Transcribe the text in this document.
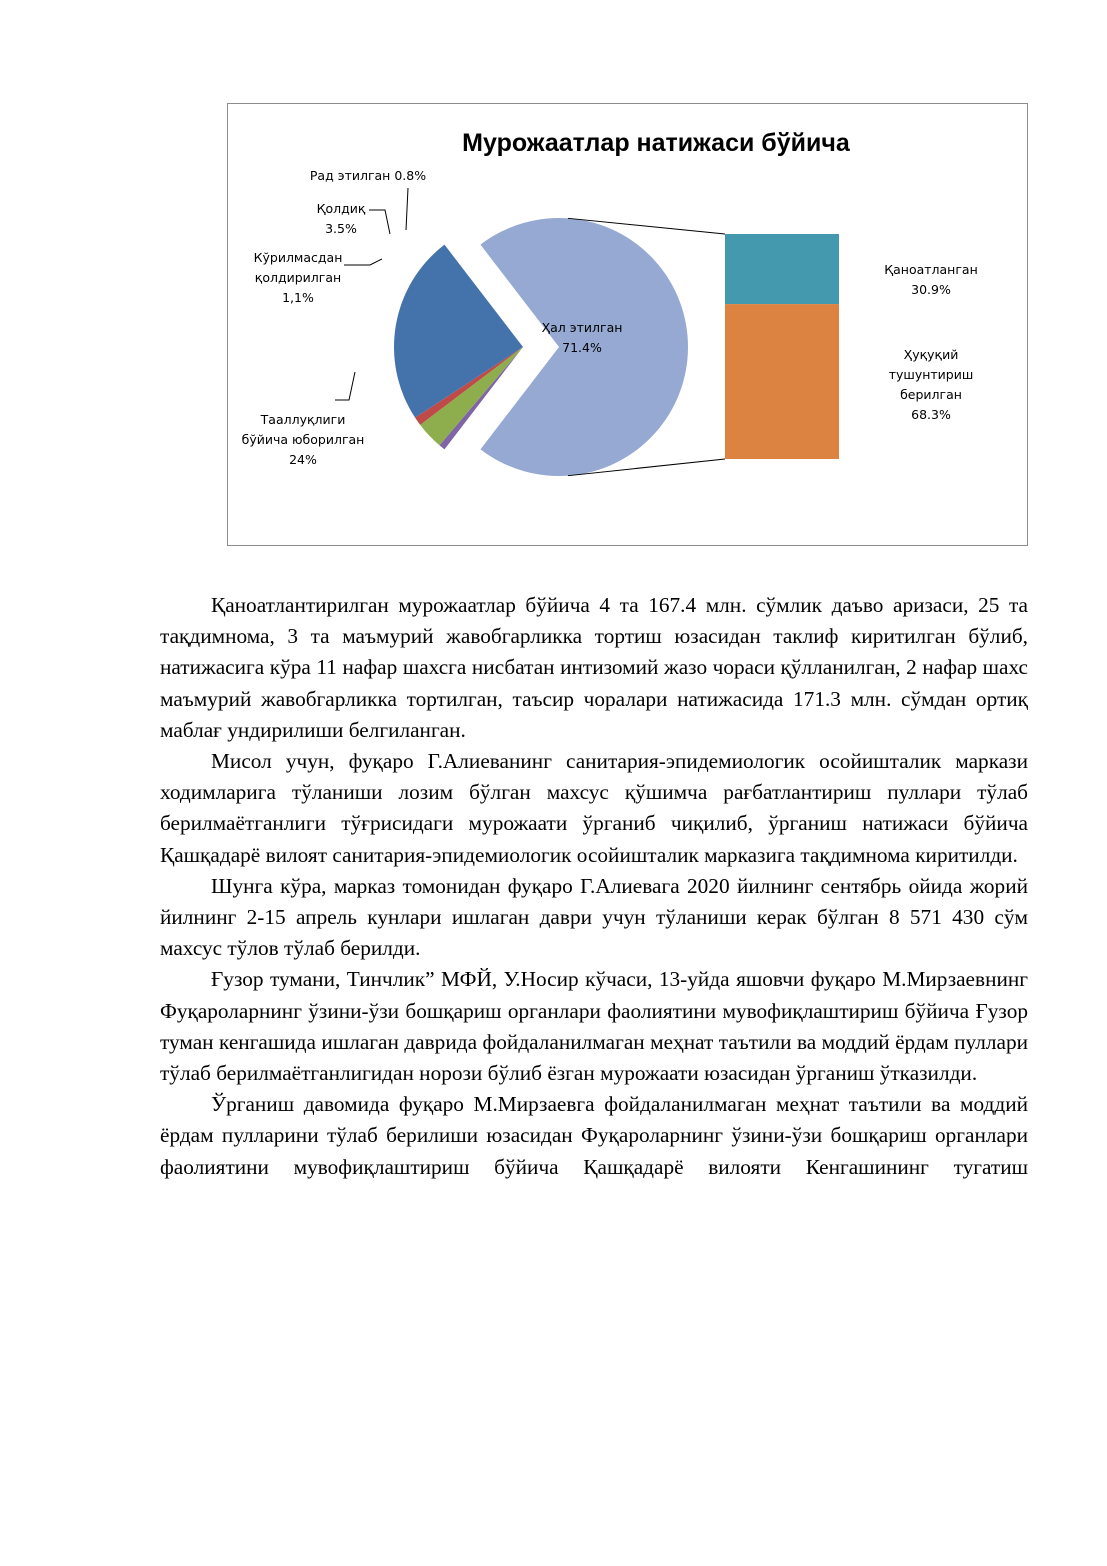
Мурожаатлар натижаси бўйича
Ҳал этилган 71.4%
Рад этилган 0.8%
Қолдиқ 3.5%
Кўрилмасдан қолдирилган 1,1%
Тааллуқлиги бўйича юборилган 24%
Қаноатланган 30.9%
Ҳуқуқий тушунтириш берилган 68.3%

Қаноатлантирилган мурожаатлар бўйича 4 та 167.4 млн. сўмлик даъво аризаси, 25 та тақдимнома, 3 та маъмурий жавобгарликка тортиш юзасидан таклиф киритилган бўлиб, натижасига кўра 11 нафар шахсга нисбатан интизомий жазо чораси қўлланилган, 2 нафар шахс маъмурий жавобгарликка тортилган, таъсир чоралари натижасида 171.3 млн. сўмдан ортиқ маблағ ундирилиши белгиланган.

Мисол учун, фуқаро Г.Алиеванинг санитария-эпидемиологик осойишталик маркази ходимларига тўланиши лозим бўлган махсус қўшимча рағбатлантириш пуллари тўлаб берилмаётганлиги тўғрисидаги мурожаати ўрганиб чиқилиб, ўрганиш натижаси бўйича Қашқадарё вилоят санитария-эпидемиологик осойишталик марказига тақдимнома киритилди.

Шунга кўра, марказ томонидан фуқаро Г.Алиевага 2020 йилнинг сентябрь ойида жорий йилнинг 2-15 апрель кунлари ишлаган даври учун тўланиши керак бўлган 8 571 430 сўм махсус тўлов тўлаб берилди.

Ғузор тумани, Тинчлик” МФЙ, У.Носир кўчаси, 13-уйда яшовчи фуқаро М.Мирзаевнинг Фуқароларнинг ўзини-ўзи бошқариш органлари фаолиятини мувофиқлаштириш бўйича Ғузор туман кенгашида ишлаган даврида фойдаланилмаган меҳнат таътили ва моддий ёрдам пуллари тўлаб берилмаётганлигидан норози бўлиб ёзган мурожаати юзасидан ўрганиш ўтказилди.

Ўрганиш давомида фуқаро М.Мирзаевга фойдаланилмаган меҳнат таътили ва моддий ёрдам пулларини тўлаб берилиши юзасидан Фуқароларнинг ўзини-ўзи бошқариш органлари фаолиятини мувофиқлаштириш бўйича Қашқадарё вилояти Кенгашининг тугатиш
